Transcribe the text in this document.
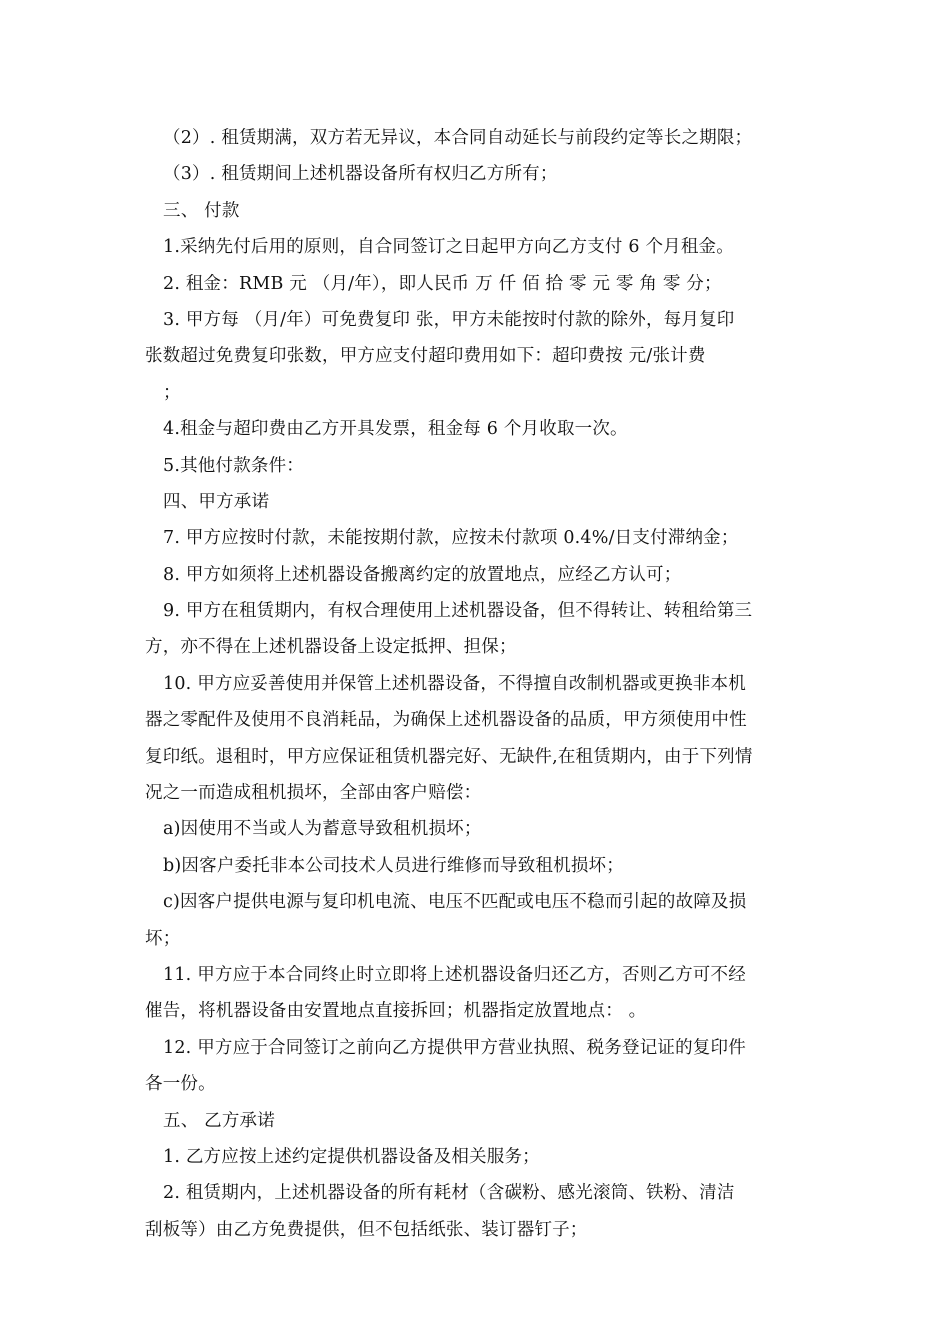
（2）. 租赁期满，双方若无异议，本合同自动延长与前段约定等长之期限；
（3）. 租赁期间上述机器设备所有权归乙方所有；
三、 付款
1.采纳先付后用的原则，自合同签订之日起甲方向乙方支付 6 个月租金。
2. 租金：RMB 元 （月/年），即人民币 万 仟 佰 拾 零 元 零 角 零 分；
3. 甲方每 （月/年）可免费复印 张，甲方未能按时付款的除外，每月复印
张数超过免费复印张数，甲方应支付超印费用如下：超印费按 元/张计费
；
4.租金与超印费由乙方开具发票，租金每 6 个月收取一次。
5.其他付款条件：
四、甲方承诺
7. 甲方应按时付款，未能按期付款，应按未付款项 0.4%/日支付滞纳金；
8. 甲方如须将上述机器设备搬离约定的放置地点，应经乙方认可；
9. 甲方在租赁期内，有权合理使用上述机器设备，但不得转让、转租给第三
方，亦不得在上述机器设备上设定抵押、担保；
10. 甲方应妥善使用并保管上述机器设备，不得擅自改制机器或更换非本机
器之零配件及使用不良消耗品，为确保上述机器设备的品质，甲方须使用中性
复印纸。退租时，甲方应保证租赁机器完好、无缺件,在租赁期内，由于下列情
况之一而造成租机损坏，全部由客户赔偿：
a)因使用不当或人为蓄意导致租机损坏；
b)因客户委托非本公司技术人员进行维修而导致租机损坏；
c)因客户提供电源与复印机电流、电压不匹配或电压不稳而引起的故障及损
坏；
11. 甲方应于本合同终止时立即将上述机器设备归还乙方，否则乙方可不经
催告，将机器设备由安置地点直接拆回；机器指定放置地点： 。
12. 甲方应于合同签订之前向乙方提供甲方营业执照、税务登记证的复印件
各一份。
五、 乙方承诺
1. 乙方应按上述约定提供机器设备及相关服务；
2. 租赁期内，上述机器设备的所有耗材（含碳粉、感光滚筒、铁粉、清洁
刮板等）由乙方免费提供，但不包括纸张、装订器钉子；
